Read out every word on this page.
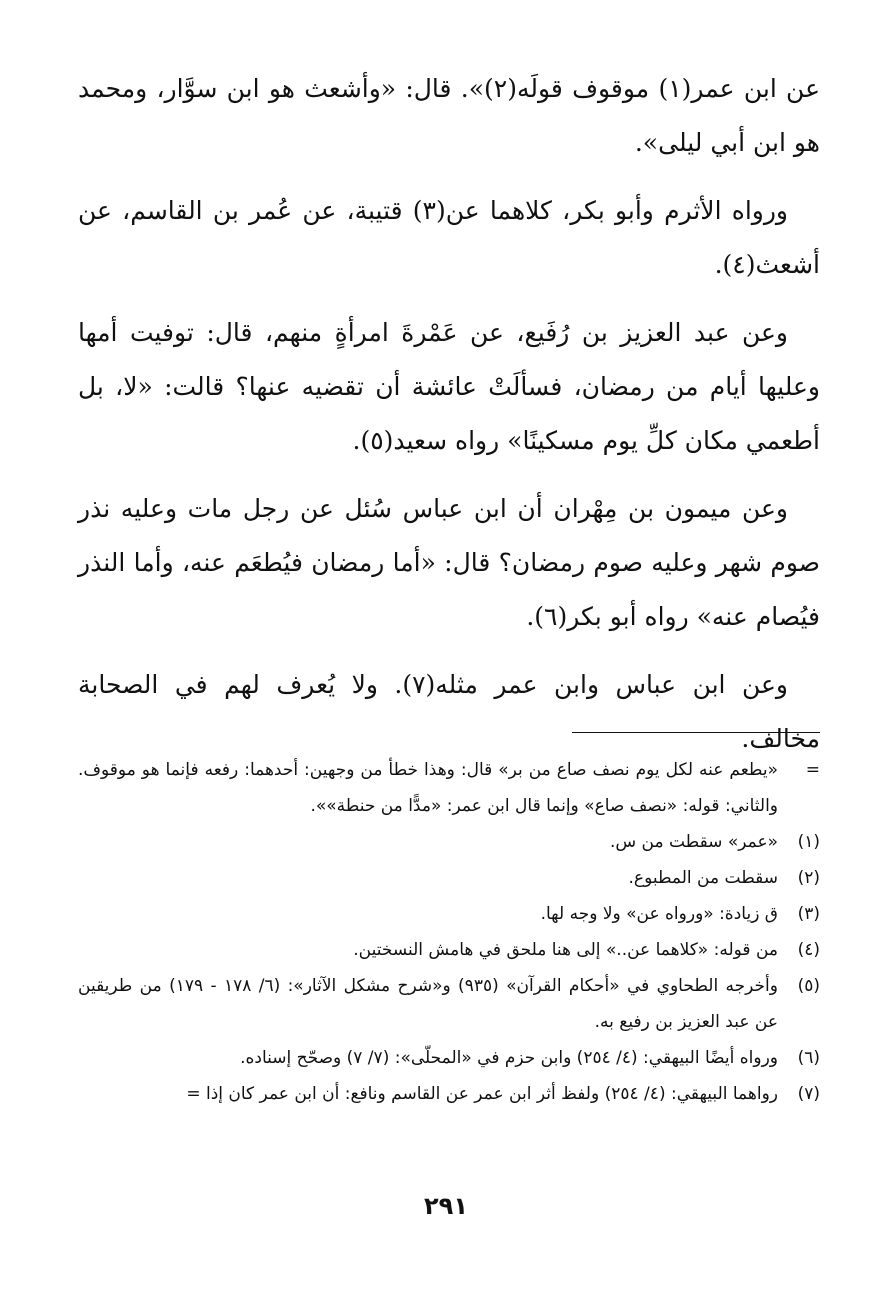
عن ابن عمر(١) موقوف قولَه(٢)». قال: «وأشعث هو ابن سوَّار، ومحمد هو ابن أبي ليلى».

ورواه الأثرم وأبو بكر، كلاهما عن(٣) قتيبة، عن عُمر بن القاسم، عن أشعث(٤).

وعن عبد العزيز بن رُفَيع، عن عَمْرةَ امرأةٍ منهم، قال: توفيت أمها وعليها أيام من رمضان، فسألَتْ عائشة أن تقضيه عنها؟ قالت: «لا، بل أطعمي مكان كلِّ يوم مسكينًا» رواه سعيد(٥).

وعن ميمون بن مِهْران أن ابن عباس سُئل عن رجل مات وعليه نذر صوم شهر وعليه صوم رمضان؟ قال: «أما رمضان فيُطعَم عنه، وأما النذر فيُصام عنه» رواه أبو بكر(٦).

وعن ابن عباس وابن عمر مثله(٧). ولا يُعرف لهم في الصحابة مخالف.

=
«يطعم عنه لكل يوم نصف صاع من بر» قال: وهذا خطأ من وجهين: أحدهما: رفعه فإنما هو موقوف. والثاني: قوله: «نصف صاع» وإنما قال ابن عمر: «مدًّا من حنطة»».
(١)
«عمر» سقطت من س.
(٢)
سقطت من المطبوع.
(٣)
ق زيادة: «ورواه عن» ولا وجه لها.
(٤)
من قوله: «كلاهما عن..» إلى هنا ملحق في هامش النسختين.
(٥)
وأخرجه الطحاوي في «أحكام القرآن» (٩٣٥) و«شرح مشكل الآثار»: (٦/ ١٧٨ - ١٧٩) من طريقين عن عبد العزيز بن رفيع به.
(٦)
ورواه أيضًا البيهقي: (٤/ ٢٥٤) وابن حزم في «المحلّى»: (٧/ ٧) وصحّح إسناده.
(٧)
رواهما البيهقي: (٤/ ٢٥٤) ولفظ أثر ابن عمر عن القاسم ونافع: أن ابن عمر كان إذا =
٢٩١
